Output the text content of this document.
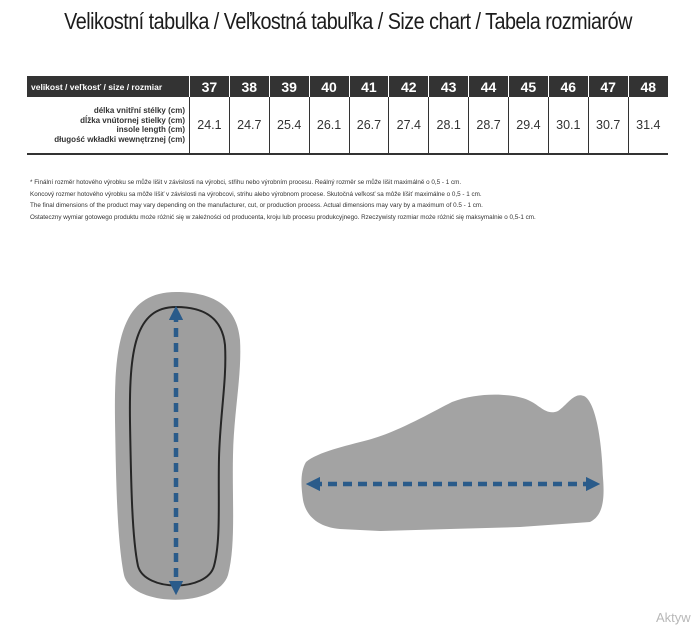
Velikostní tabulka / Veľkostná tabuľka / Size chart / Tabela rozmiarów
velikost / veľkosť / size / rozmiar	37	38	39	40	41	42	43	44	45	46	47	48

délka vnitřní stélky (cm)
dĺžka vnútornej stielky (cm)
insole length (cm)
długość wkładki wewnętrznej (cm)	24.1	24.7	25.4	26.1	26.7	27.4	28.1	28.7	29.4	30.1	30.7	31.4
* Finální rozměr hotového výrobku se může lišit v závislosti na výrobci, střihu nebo výrobním procesu. Reálný rozměr se může lišit maximálně o 0,5 - 1 cm.
Koncový rozmer hotového výrobku sa môže líšiť v závislosti na výrobcovi, strihu alebo výrobnom procese. Skutočná veľkosť sa môže líšiť maximálne o 0,5 - 1 cm.
The final dimensions of the product may vary depending on the manufacturer, cut, or production process. Actual dimensions may vary by a maximum of 0.5 - 1 cm.
Ostateczny wymiar gotowego produktu może różnić się w zależności od producenta, kroju lub procesu produkcyjnego. Rzeczywisty rozmiar może różnić się maksymalnie o 0,5-1 cm.
Aktyw
